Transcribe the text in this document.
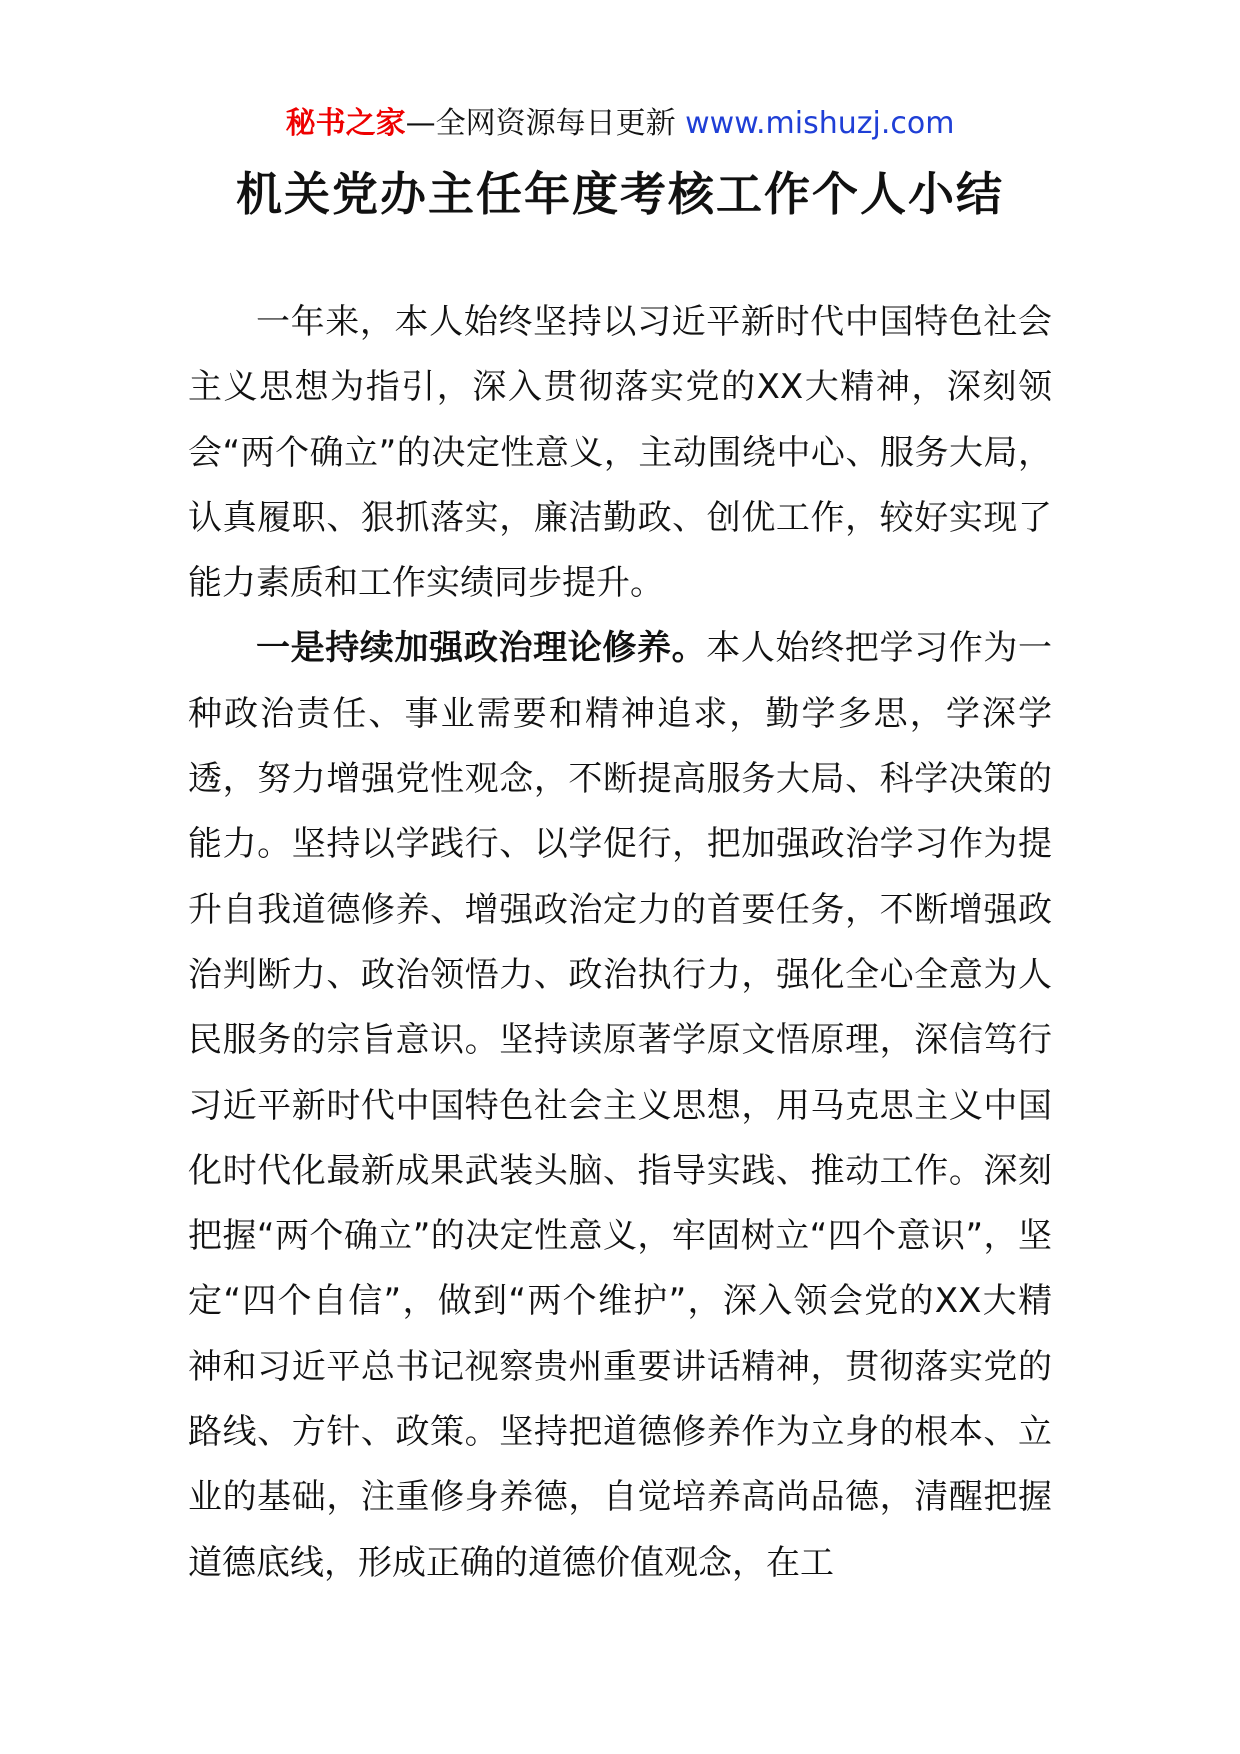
秘书之家—全网资源每日更新 www.mishuzj.com
机关党办主任年度考核工作个人小结

一年来，本人始终坚持以习近平新时代中国特色社会主义思想为指引，深入贯彻落实党的XX大精神，深刻领会“两个确立”的决定性意义，主动围绕中心、服务大局，认真履职、狠抓落实，廉洁勤政、创优工作，较好实现了能力素质和工作实绩同步提升。

一是持续加强政治理论修养。本人始终把学习作为一种政治责任、事业需要和精神追求，勤学多思，学深学透，努力增强党性观念，不断提高服务大局、科学决策的能力。坚持以学践行、以学促行，把加强政治学习作为提升自我道德修养、增强政治定力的首要任务，不断增强政治判断力、政治领悟力、政治执行力，强化全心全意为人民服务的宗旨意识。坚持读原著学原文悟原理，深信笃行习近平新时代中国特色社会主义思想，用马克思主义中国化时代化最新成果武装头脑、指导实践、推动工作。深刻把握“两个确立”的决定性意义，牢固树立“四个意识”，坚定“四个自信”，做到“两个维护”，深入领会党的XX大精神和习近平总书记视察贵州重要讲话精神，贯彻落实党的路线、方针、政策。坚持把道德修养作为立身的根本、立业的基础，注重修身养德，自觉培养高尚品德，清醒把握道德底线，形成正确的道德价值观念，在工
